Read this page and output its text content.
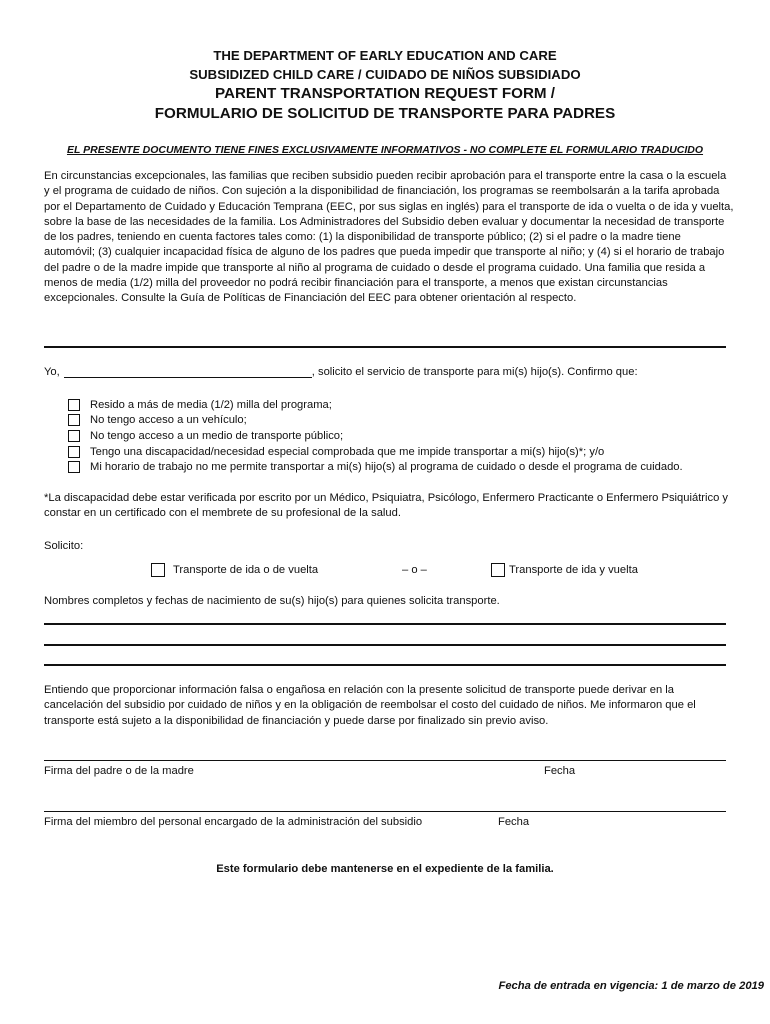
THE DEPARTMENT OF EARLY EDUCATION AND CARE
SUBSIDIZED CHILD CARE / CUIDADO DE NIÑOS SUBSIDIADO
PARENT TRANSPORTATION REQUEST FORM /
FORMULARIO DE SOLICITUD DE TRANSPORTE PARA PADRES
EL PRESENTE DOCUMENTO TIENE FINES EXCLUSIVAMENTE INFORMATIVOS - NO COMPLETE EL FORMULARIO TRADUCIDO
En circunstancias excepcionales, las familias que reciben subsidio pueden recibir aprobación para el transporte entre la casa o la escuela y el programa de cuidado de niños. Con sujeción a la disponibilidad de financiación, los programas se reembolsarán a la tarifa aprobada por el Departamento de Cuidado y Educación Temprana (EEC, por sus siglas en inglés) para el transporte de ida o vuelta o de ida y vuelta, sobre la base de las necesidades de la familia. Los Administradores del Subsidio deben evaluar y documentar la necesidad de transporte de los padres, teniendo en cuenta factores tales como: (1) la disponibilidad de transporte público; (2) si el padre o la madre tiene automóvil; (3) cualquier incapacidad física de alguno de los padres que pueda impedir que transporte al niño; y (4) si el horario de trabajo del padre o de la madre impide que transporte al niño al programa de cuidado o desde el programa cuidado. Una familia que resida a menos de media (1/2) milla del proveedor no podrá recibir financiación para el transporte, a menos que existan circunstancias excepcionales. Consulte la Guía de Políticas de Financiación del EEC para obtener orientación al respecto.
Yo,	, solicito el servicio de transporte para mi(s) hijo(s). Confirmo que:
Resido a más de media (1/2) milla del programa;
No tengo acceso a un vehículo;
No tengo acceso a un medio de transporte público;
Tengo una discapacidad/necesidad especial comprobada que me impide transportar a mi(s) hijo(s)*; y/o
Mi horario de trabajo no me permite transportar a mi(s) hijo(s) al programa de cuidado o desde el programa de cuidado.
*La discapacidad debe estar verificada por escrito por un Médico, Psiquiatra, Psicólogo, Enfermero Practicante o Enfermero Psiquiátrico y constar en un certificado con el membrete de su profesional de la salud.
Solicito:
Transporte de ida o de vuelta	– o –	Transporte de ida y vuelta
Nombres completos y fechas de nacimiento de su(s) hijo(s) para quienes solicita transporte.
Entiendo que proporcionar información falsa o engañosa en relación con la presente solicitud de transporte puede derivar en la cancelación del subsidio por cuidado de niños y en la obligación de reembolsar el costo del cuidado de niños. Me informaron que el transporte está sujeto a la disponibilidad de financiación y puede darse por finalizado sin previo aviso.
Firma del padre o de la madre	Fecha
Firma del miembro del personal encargado de la administración del subsidio	Fecha
Este formulario debe mantenerse en el expediente de la familia.
Fecha de entrada en vigencia: 1 de marzo de 2019
